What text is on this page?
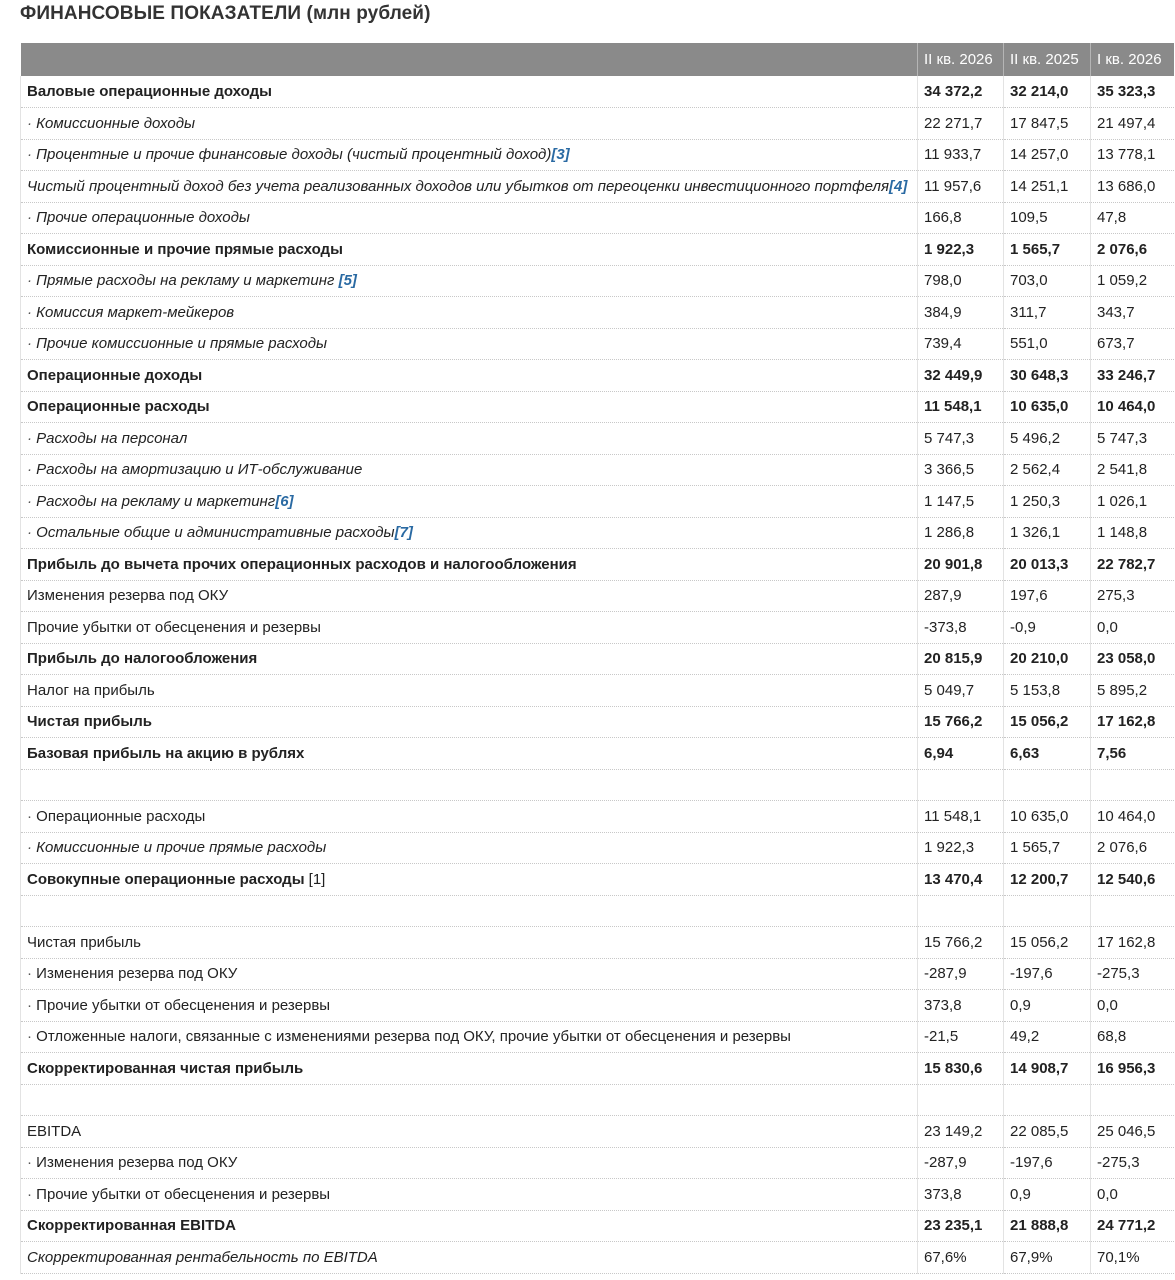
ФИНАНСОВЫЕ ПОКАЗАТЕЛИ (млн рублей)
	II кв. 2026	II кв. 2025	I кв. 2026
Валовые операционные доходы	34 372,2	32 214,0	35 323,3
· Комиссионные доходы	22 271,7	17 847,5	21 497,4
· Процентные и прочие финансовые доходы (чистый процентный доход)[3]	11 933,7	14 257,0	13 778,1
Чистый процентный доход без учета реализованных доходов или убытков от переоценки инвестиционного портфеля[4]	11 957,6	14 251,1	13 686,0
· Прочие операционные доходы	166,8	109,5	47,8
Комиссионные и прочие прямые расходы	1 922,3	1 565,7	2 076,6
· Прямые расходы на рекламу и маркетинг [5]	798,0	703,0	1 059,2
· Комиссия маркет-мейкеров	384,9	311,7	343,7
· Прочие комиссионные и прямые расходы	739,4	551,0	673,7
Операционные доходы	32 449,9	30 648,3	33 246,7
Операционные расходы	11 548,1	10 635,0	10 464,0
· Расходы на персонал	5 747,3	5 496,2	5 747,3
· Расходы на амортизацию и ИТ-обслуживание	3 366,5	2 562,4	2 541,8
· Расходы на рекламу и маркетинг[6]	1 147,5	1 250,3	1 026,1
· Остальные общие и административные расходы[7]	1 286,8	1 326,1	1 148,8
Прибыль до вычета прочих операционных расходов и налогообложения	20 901,8	20 013,3	22 782,7
Изменения резерва под ОКУ	287,9	197,6	275,3
Прочие убытки от обесценения и резервы	-373,8	-0,9	0,0
Прибыль до налогообложения	20 815,9	20 210,0	23 058,0
Налог на прибыль	5 049,7	5 153,8	5 895,2
Чистая прибыль	15 766,2	15 056,2	17 162,8
Базовая прибыль на акцию в рублях	6,94	6,63	7,56

· Операционные расходы	11 548,1	10 635,0	10 464,0
· Комиссионные и прочие прямые расходы	1 922,3	1 565,7	2 076,6
Совокупные операционные расходы [1]	13 470,4	12 200,7	12 540,6

Чистая прибыль	15 766,2	15 056,2	17 162,8
· Изменения резерва под ОКУ	-287,9	-197,6	-275,3
· Прочие убытки от обесценения и резервы	373,8	0,9	0,0
· Отложенные налоги, связанные с изменениями резерва под ОКУ, прочие убытки от обесценения и резервы	-21,5	49,2	68,8
Скорректированная чистая прибыль	15 830,6	14 908,7	16 956,3

EBITDA	23 149,2	22 085,5	25 046,5
· Изменения резерва под ОКУ	-287,9	-197,6	-275,3
· Прочие убытки от обесценения и резервы	373,8	0,9	0,0
Скорректированная EBITDA	23 235,1	21 888,8	24 771,2
Скорректированная рентабельность по EBITDA	67,6%	67,9%	70,1%
